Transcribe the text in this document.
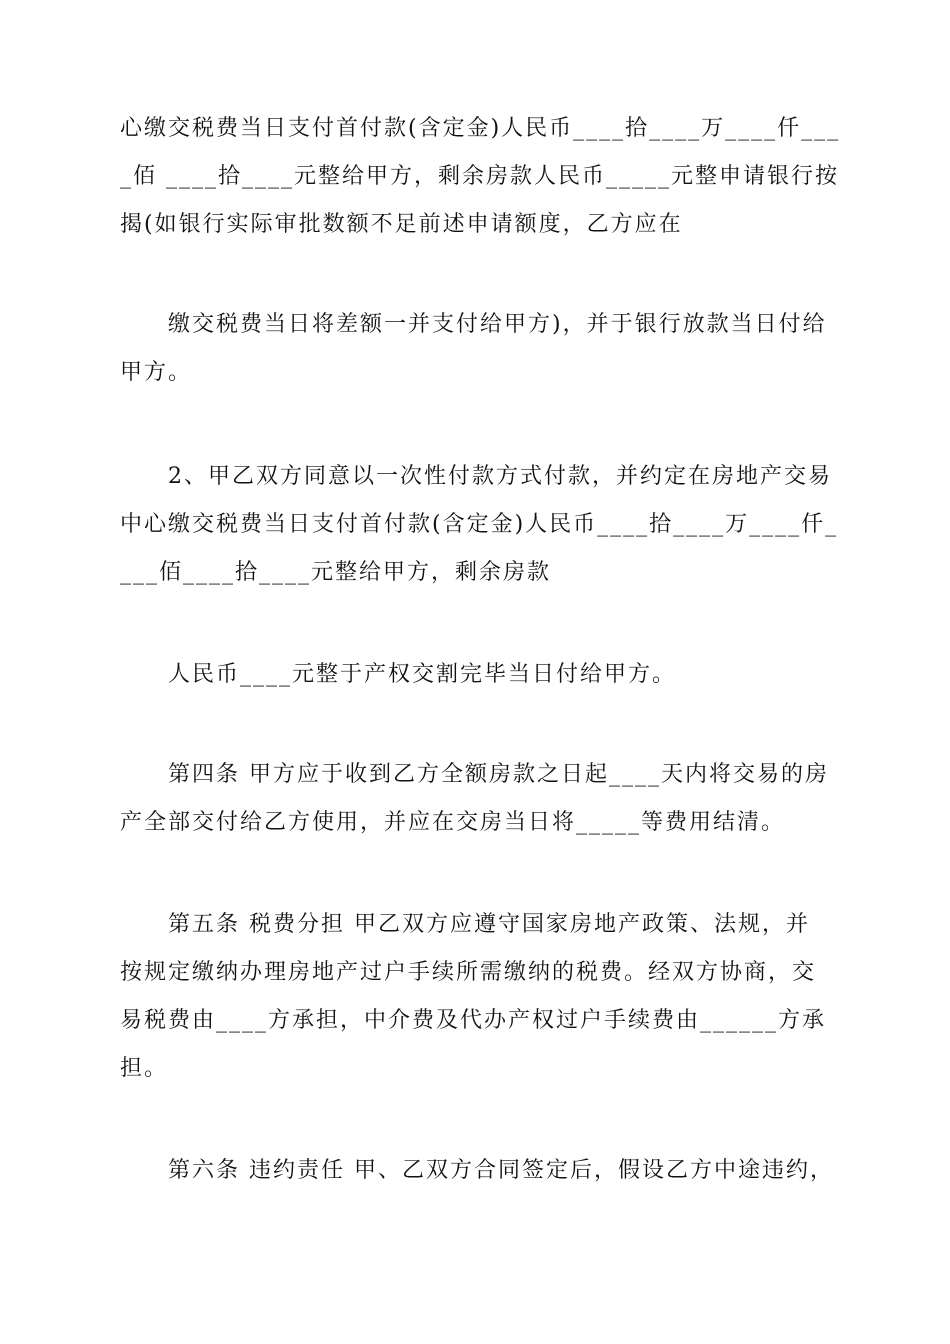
心缴交税费当日支付首付款(含定金)人民币____拾____万____仟___
_佰 ____拾____元整给甲方，剩余房款人民币_____元整申请银行按
揭(如银行实际审批数额不足前述申请额度，乙方应在
缴交税费当日将差额一并支付给甲方)，并于银行放款当日付给
甲方。
2、甲乙双方同意以一次性付款方式付款，并约定在房地产交易
中心缴交税费当日支付首付款(含定金)人民币____拾____万____仟_
___佰____拾____元整给甲方，剩余房款
人民币____元整于产权交割完毕当日付给甲方。
第四条 甲方应于收到乙方全额房款之日起____天内将交易的房
产全部交付给乙方使用，并应在交房当日将_____等费用结清。
第五条 税费分担 甲乙双方应遵守国家房地产政策、法规，并
按规定缴纳办理房地产过户手续所需缴纳的税费。经双方协商，交
易税费由____方承担，中介费及代办产权过户手续费由______方承
担。
第六条 违约责任 甲、乙双方合同签定后，假设乙方中途违约，
